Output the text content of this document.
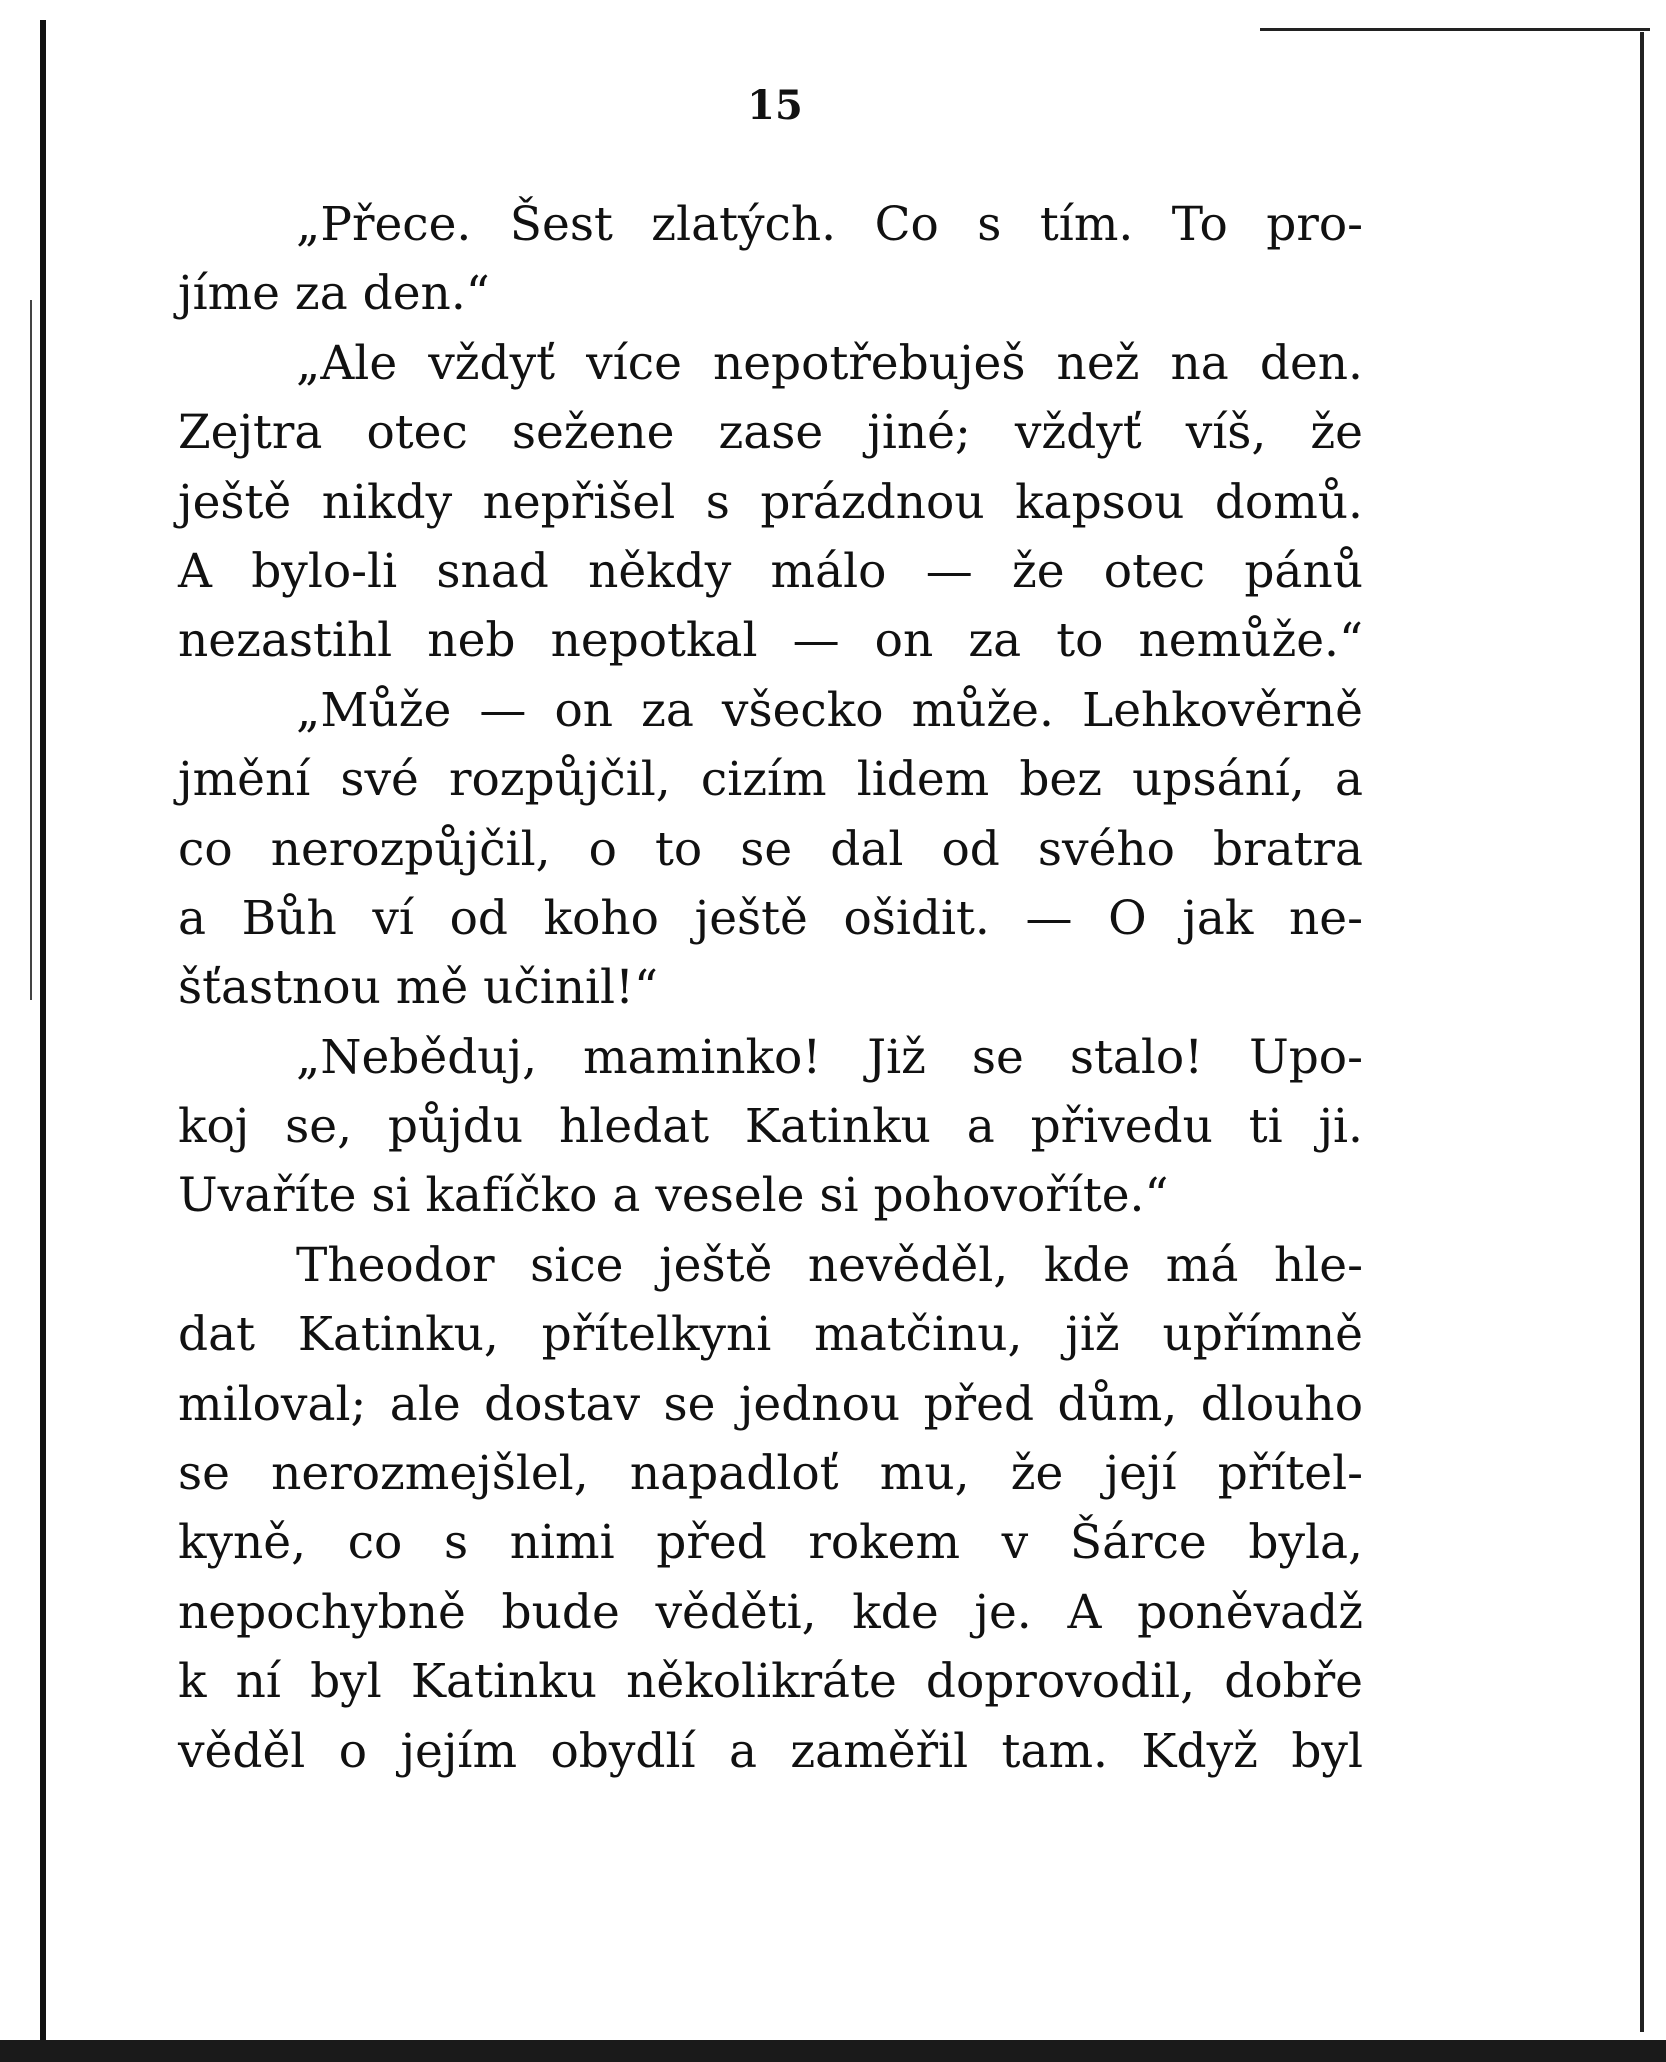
15
„Přece. Šest zlatých. Co s tím. To pro-
jíme za den.“
„Ale vždyť více nepotřebuješ než na den.
Zejtra otec sežene zase jiné; vždyť víš, že
ještě nikdy nepřišel s prázdnou kapsou domů.
A bylo-li snad někdy málo — že otec pánů
nezastihl neb nepotkal — on za to nemůže.“
„Může — on za všecko může. Lehkověrně
jmění své rozpůjčil, cizím lidem bez upsání, a
co nerozpůjčil, o to se dal od svého bratra
a Bůh ví od koho ještě ošidit. — O jak ne-
šťastnou mě učinil!“
„Neběduj, maminko! Již se stalo! Upo-
koj se, půjdu hledat Katinku a přivedu ti ji.
Uvaříte si kafíčko a vesele si pohovoříte.“
Theodor sice ještě nevěděl, kde má hle-
dat Katinku, přítelkyni matčinu, již upřímně
miloval; ale dostav se jednou před dům, dlouho
se nerozmejšlel, napadloť mu, že její přítel-
kyně, co s nimi před rokem v Šárce byla,
nepochybně bude věděti, kde je. A poněvadž
k ní byl Katinku několikráte doprovodil, dobře
věděl o jejím obydlí a zaměřil tam. Když byl
